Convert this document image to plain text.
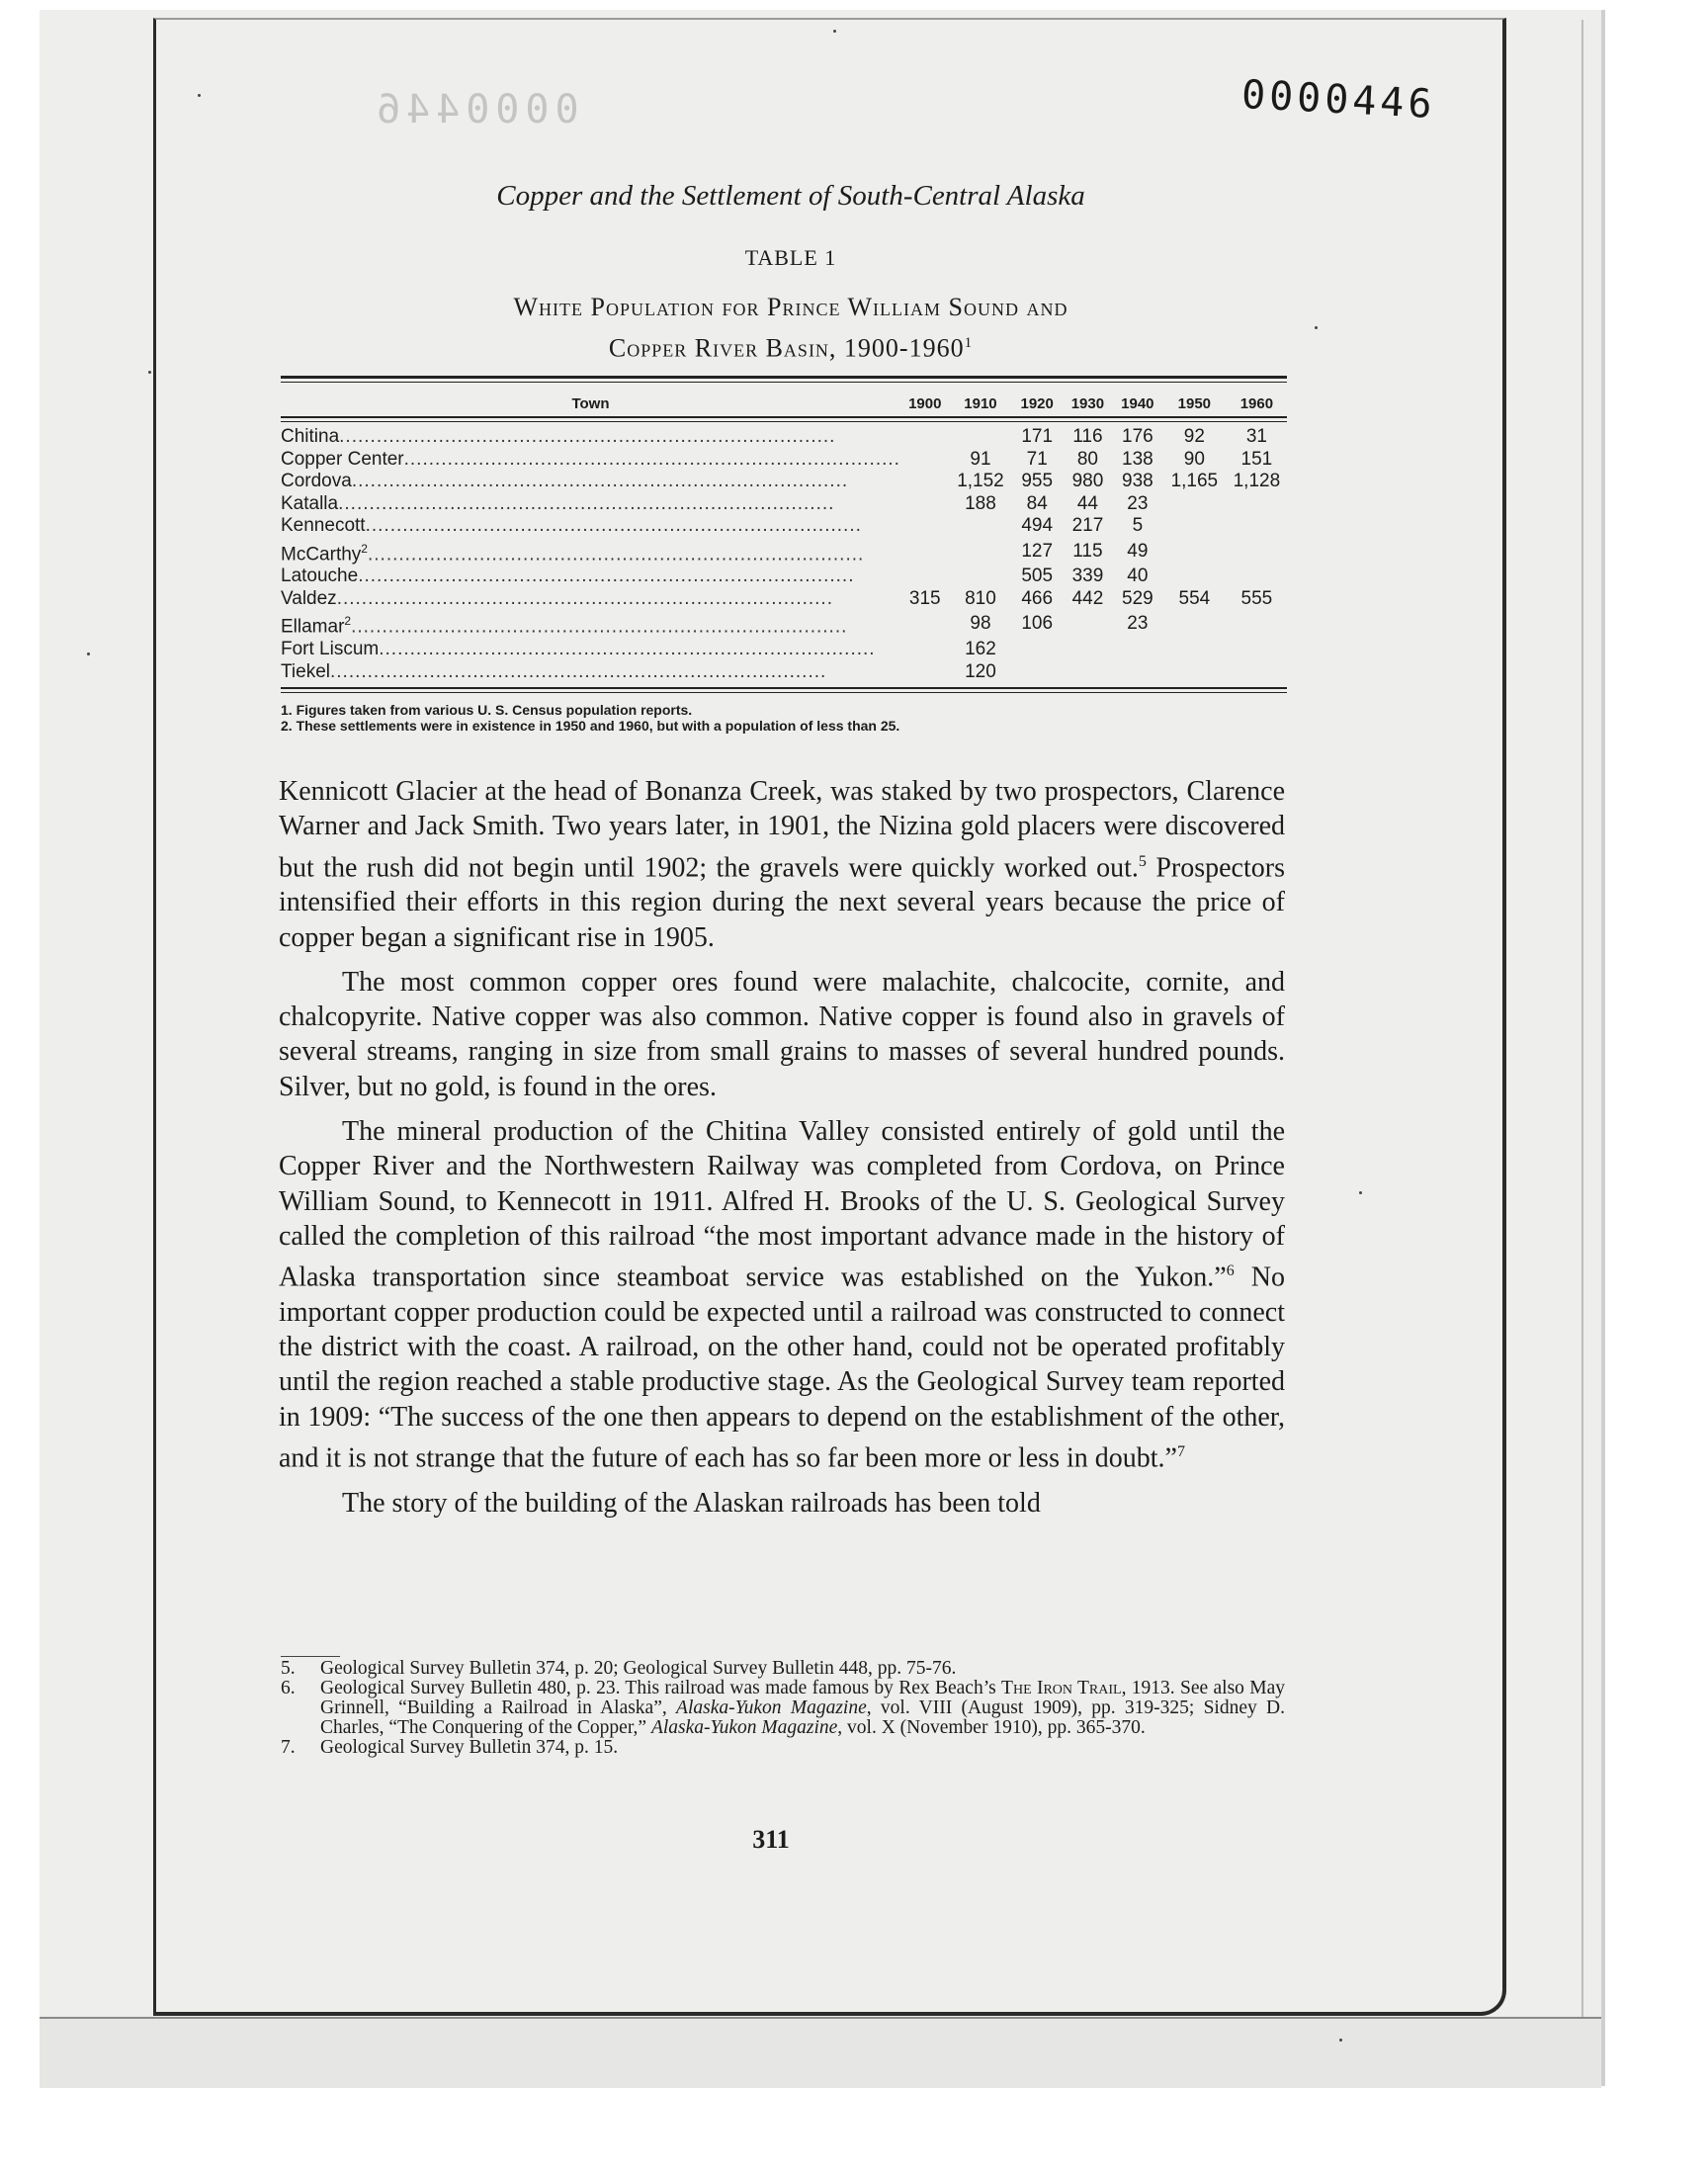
0000446	0000446
Copper and the Settlement of South-Central Alaska
TABLE 1
White Population for Prince William Sound and
Copper River Basin, 1900-1960$^1$
Town	1900	1910	1920	1930	1940	1950	1960
Chitina................................................................................			171	116	176	92	31
Copper Center................................................................................		91	71	80	138	90	151
Cordova................................................................................		1,152	955	980	938	1,165	1,128
Katalla................................................................................		188	84	44	23		
Kennecott................................................................................			494	217	5		
McCarthy$^2$................................................................................			127	115	49		
Latouche................................................................................			505	339	40		
Valdez................................................................................	315	810	466	442	529	554	555
Ellamar$^2$................................................................................		98	106		23		
Fort Liscum................................................................................		162					
Tiekel................................................................................		120					
1. Figures taken from various U. S. Census population reports.
2. These settlements were in existence in 1950 and 1960, but with a population of less than 25.

Kennicott Glacier at the head of Bonanza Creek, was staked by two prospectors, Clarence Warner and Jack Smith. Two years later, in 1901, the Nizina gold placers were discovered but the rush did not begin until 1902; the gravels were quickly worked out.$^5$ Prospectors intensified their efforts in this region during the next several years because the price of copper began a significant rise in 1905.

The most common copper ores found were malachite, chalcocite, cornite, and chalcopyrite. Native copper was also common. Native copper is found also in gravels of several streams, ranging in size from small grains to masses of several hundred pounds. Silver, but no gold, is found in the ores.

The mineral production of the Chitina Valley consisted entirely of gold until the Copper River and the Northwestern Railway was completed from Cordova, on Prince William Sound, to Kennecott in 1911. Alfred H. Brooks of the U. S. Geological Survey called the completion of this railroad “the most important advance made in the history of Alaska transportation since steamboat service was established on the Yukon.”$^6$ No important copper production could be expected until a railroad was constructed to connect the district with the coast. A railroad, on the other hand, could not be operated profitably until the region reached a stable productive stage. As the Geological Survey team reported in 1909: “The success of the one then appears to depend on the establishment of the other, and it is not strange that the future of each has so far been more or less in doubt.”$^7$

The story of the building of the Alaskan railroads has been told

5.	Geological Survey Bulletin 374, p. 20; Geological Survey Bulletin 448, pp. 75-76.
6.	Geological Survey Bulletin 480, p. 23. This railroad was made famous by Rex Beach’s The Iron Trail, 1913. See also May Grinnell, “Building a Railroad in Alaska”, Alaska-Yukon Magazine, vol. VIII (August 1909), pp. 319-325; Sidney D. Charles, “The Conquering of the Copper,” Alaska-Yukon Magazine, vol. X (November 1910), pp. 365-370.
7.	Geological Survey Bulletin 374, p. 15.
311
